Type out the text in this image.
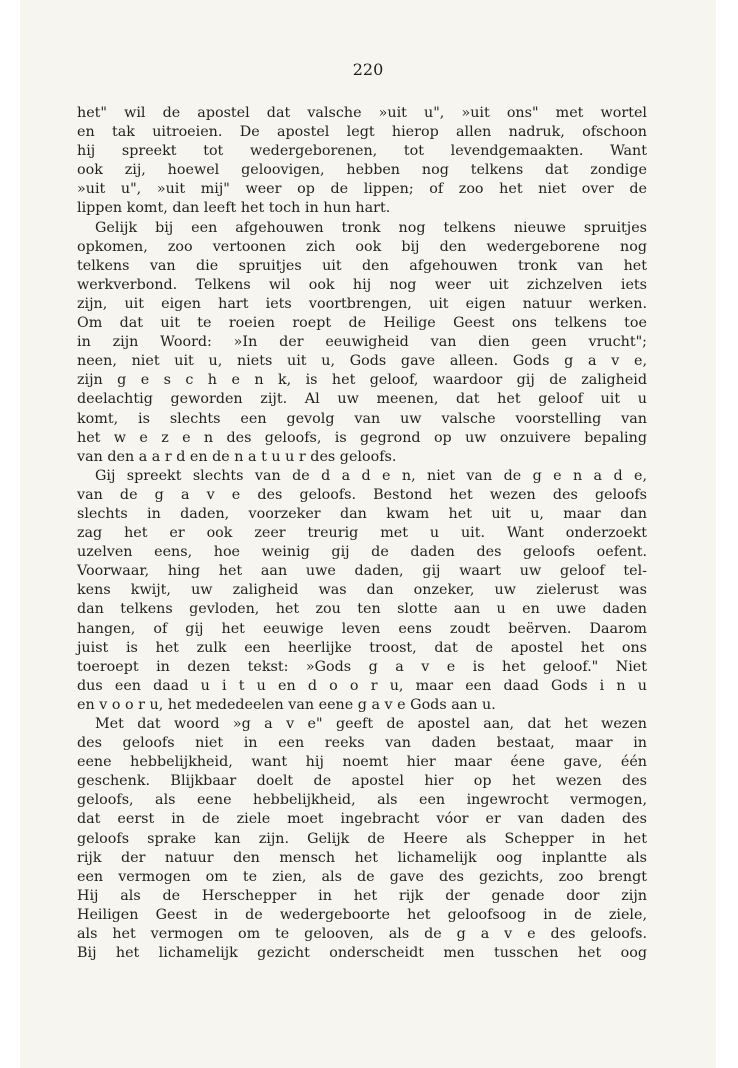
220
het" wil de apostel dat valsche »uit u", »uit ons" met wortel
en tak uitroeien. De apostel legt hierop allen nadruk, ofschoon
hij spreekt tot wedergeborenen, tot levendgemaakten. Want
ook zij, hoewel geloovigen, hebben nog telkens dat zondige
»uit u", »uit mij" weer op de lippen; of zoo het niet over de
lippen komt, dan leeft het toch in hun hart.
Gelijk bij een afgehouwen tronk nog telkens nieuwe spruitjes
opkomen, zoo vertoonen zich ook bij den wedergeborene nog
telkens van die spruitjes uit den afgehouwen tronk van het
werkverbond. Telkens wil ook hij nog weer uit zichzelven iets
zijn, uit eigen hart iets voortbrengen, uit eigen natuur werken.
Om dat uit te roeien roept de Heilige Geest ons telkens toe
in zijn Woord: »In der eeuwigheid van dien geen vrucht";
neen, niet uit u, niets uit u, Gods gave alleen. Gods g a v e,
zijn g e s c h e n k, is het geloof, waardoor gij de zaligheid
deelachtig geworden zijt. Al uw meenen, dat het geloof uit u
komt, is slechts een gevolg van uw valsche voorstelling van
het w e z e n des geloofs, is gegrond op uw onzuivere bepaling
van den a a r d en de n a t u u r des geloofs.
Gij spreekt slechts van de d a d e n, niet van de g e n a d e,
van de g a v e des geloofs. Bestond het wezen des geloofs
slechts in daden, voorzeker dan kwam het uit u, maar dan
zag het er ook zeer treurig met u uit. Want onderzoekt
uzelven eens, hoe weinig gij de daden des geloofs oefent.
Voorwaar, hing het aan uwe daden, gij waart uw geloof tel-
kens kwijt, uw zaligheid was dan onzeker, uw zielerust was
dan telkens gevloden, het zou ten slotte aan u en uwe daden
hangen, of gij het eeuwige leven eens zoudt beërven. Daarom
juist is het zulk een heerlijke troost, dat de apostel het ons
toeroept in dezen tekst: »Gods g a v e is het geloof." Niet
dus een daad u i t u en d o o r u, maar een daad Gods i n u
en v o o r u, het mededeelen van eene g a v e Gods aan u.
Met dat woord »g a v e" geeft de apostel aan, dat het wezen
des geloofs niet in een reeks van daden bestaat, maar in
eene hebbelijkheid, want hij noemt hier maar éene gave, één
geschenk. Blijkbaar doelt de apostel hier op het wezen des
geloofs, als eene hebbelijkheid, als een ingewrocht vermogen,
dat eerst in de ziele moet ingebracht vóor er van daden des
geloofs sprake kan zijn. Gelijk de Heere als Schepper in het
rijk der natuur den mensch het lichamelijk oog inplantte als
een vermogen om te zien, als de gave des gezichts, zoo brengt
Hij als de Herschepper in het rijk der genade door zijn
Heiligen Geest in de wedergeboorte het geloofsoog in de ziele,
als het vermogen om te gelooven, als de g a v e des geloofs.
Bij het lichamelijk gezicht onderscheidt men tusschen het oog
